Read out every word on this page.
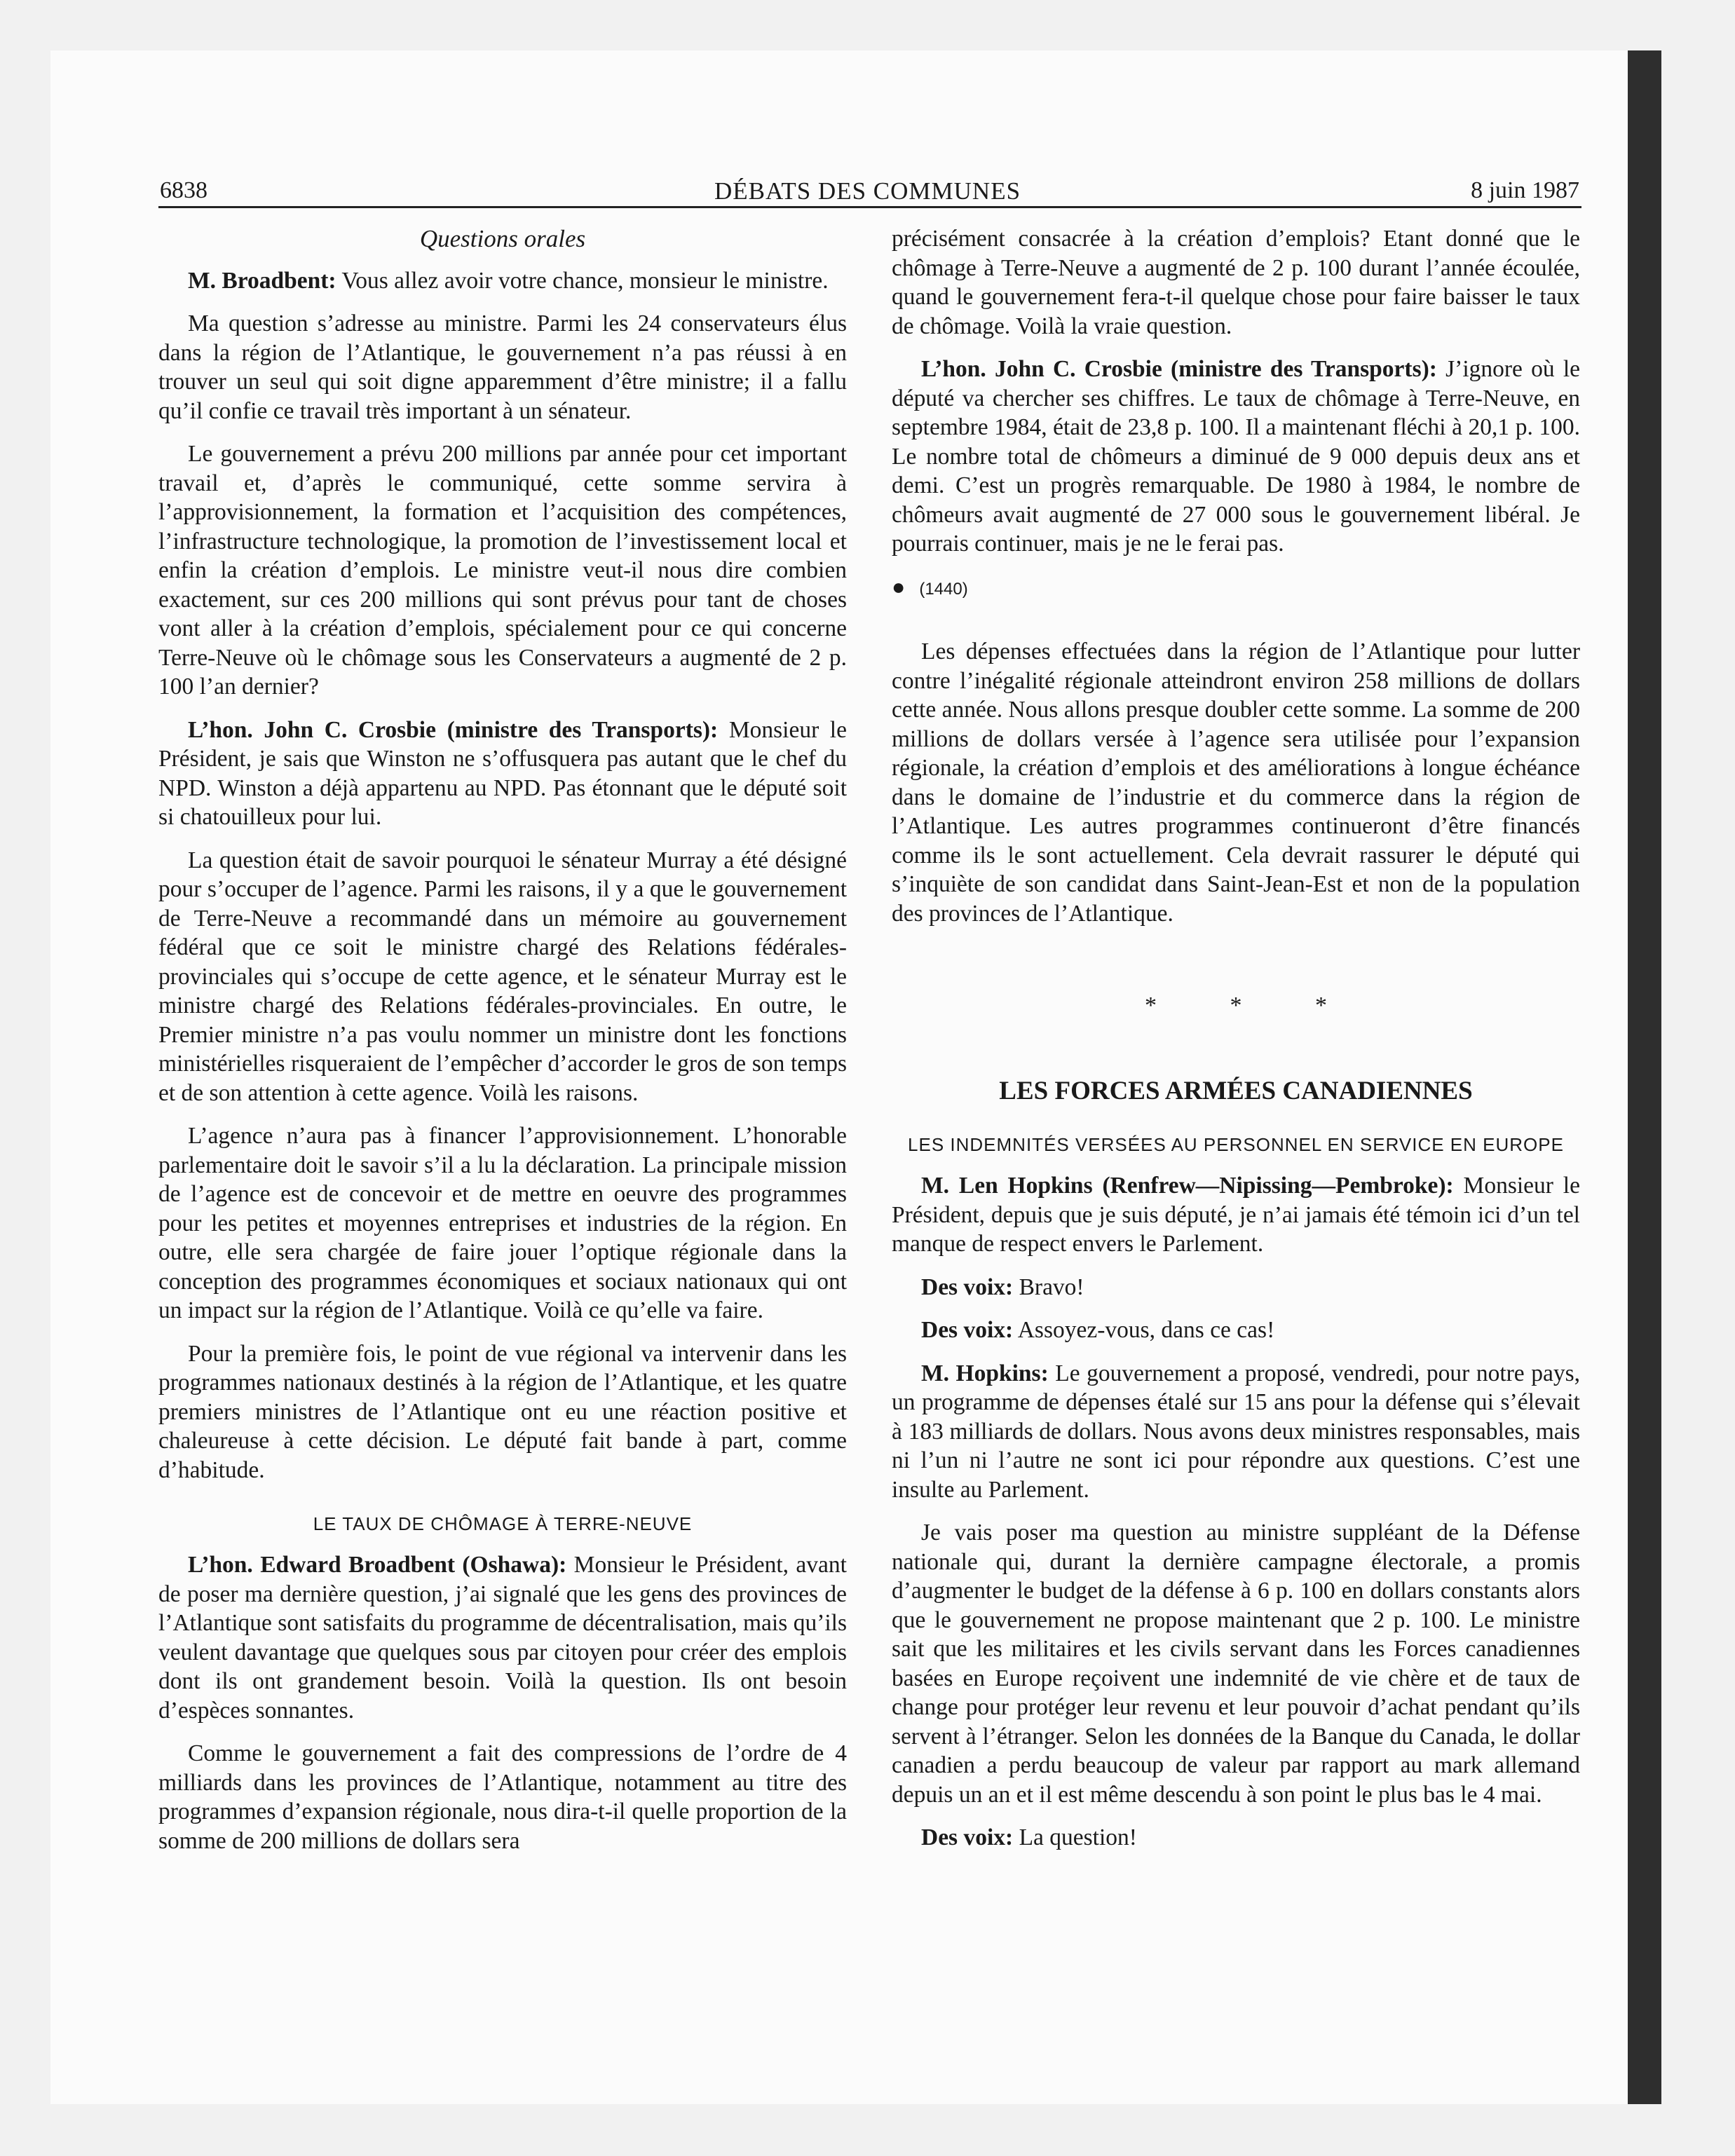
6838	DÉBATS DES COMMUNES	8 juin 1987
Questions orales

M. Broadbent: Vous allez avoir votre chance, monsieur le ministre.

Ma question s’adresse au ministre. Parmi les 24 conservateurs élus dans la région de l’Atlantique, le gouvernement n’a pas réussi à en trouver un seul qui soit digne apparemment d’être ministre; il a fallu qu’il confie ce travail très important à un sénateur.

Le gouvernement a prévu 200 millions par année pour cet important travail et, d’après le communiqué, cette somme servira à l’approvisionnement, la formation et l’acquisition des compétences, l’infrastructure technologique, la promotion de l’investissement local et enfin la création d’emplois. Le ministre veut-il nous dire combien exactement, sur ces 200 millions qui sont prévus pour tant de choses vont aller à la création d’emplois, spécialement pour ce qui concerne Terre-Neuve où le chômage sous les Conservateurs a augmenté de 2 p. 100 l’an dernier?

L’hon. John C. Crosbie (ministre des Transports): Monsieur le Président, je sais que Winston ne s’offusquera pas autant que le chef du NPD. Winston a déjà appartenu au NPD. Pas étonnant que le député soit si chatouilleux pour lui.

La question était de savoir pourquoi le sénateur Murray a été désigné pour s’occuper de l’agence. Parmi les raisons, il y a que le gouvernement de Terre-Neuve a recommandé dans un mémoire au gouvernement fédéral que ce soit le ministre chargé des Relations fédérales-provinciales qui s’occupe de cette agence, et le sénateur Murray est le ministre chargé des Relations fédérales-provinciales. En outre, le Premier ministre n’a pas voulu nommer un ministre dont les fonctions ministérielles risqueraient de l’empêcher d’accorder le gros de son temps et de son attention à cette agence. Voilà les raisons.

L’agence n’aura pas à financer l’approvisionnement. L’honorable parlementaire doit le savoir s’il a lu la déclaration. La principale mission de l’agence est de concevoir et de mettre en oeuvre des programmes pour les petites et moyennes entreprises et industries de la région. En outre, elle sera chargée de faire jouer l’optique régionale dans la conception des programmes économiques et sociaux nationaux qui ont un impact sur la région de l’Atlantique. Voilà ce qu’elle va faire.

Pour la première fois, le point de vue régional va intervenir dans les programmes nationaux destinés à la région de l’Atlantique, et les quatre premiers ministres de l’Atlantique ont eu une réaction positive et chaleureuse à cette décision. Le député fait bande à part, comme d’habitude.

LE TAUX DE CHÔMAGE À TERRE-NEUVE

L’hon. Edward Broadbent (Oshawa): Monsieur le Président, avant de poser ma dernière question, j’ai signalé que les gens des provinces de l’Atlantique sont satisfaits du programme de décentralisation, mais qu’ils veulent davantage que quelques sous par citoyen pour créer des emplois dont ils ont grandement besoin. Voilà la question. Ils ont besoin d’espèces sonnantes.

Comme le gouvernement a fait des compressions de l’ordre de 4 milliards dans les provinces de l’Atlantique, notamment au titre des programmes d’expansion régionale, nous dira-t-il quelle proportion de la somme de 200 millions de dollars sera

précisément consacrée à la création d’emplois? Etant donné que le chômage à Terre-Neuve a augmenté de 2 p. 100 durant l’année écoulée, quand le gouvernement fera-t-il quelque chose pour faire baisser le taux de chômage. Voilà la vraie question.

L’hon. John C. Crosbie (ministre des Transports): J’ignore où le député va chercher ses chiffres. Le taux de chômage à Terre-Neuve, en septembre 1984, était de 23,8 p. 100. Il a maintenant fléchi à 20,1 p. 100. Le nombre total de chômeurs a diminué de 9 000 depuis deux ans et demi. C’est un progrès remarquable. De 1980 à 1984, le nombre de chômeurs avait augmenté de 27 000 sous le gouvernement libéral. Je pourrais continuer, mais je ne le ferai pas.

● (1440)

Les dépenses effectuées dans la région de l’Atlantique pour lutter contre l’inégalité régionale atteindront environ 258 millions de dollars cette année. Nous allons presque doubler cette somme. La somme de 200 millions de dollars versée à l’agence sera utilisée pour l’expansion régionale, la création d’emplois et des améliorations à longue échéance dans le domaine de l’industrie et du commerce dans la région de l’Atlantique. Les autres programmes continueront d’être financés comme ils le sont actuellement. Cela devrait rassurer le député qui s’inquiète de son candidat dans Saint-Jean-Est et non de la population des provinces de l’Atlantique.

* * *
LES FORCES ARMÉES CANADIENNES
LES INDEMNITÉS VERSÉES AU PERSONNEL EN SERVICE EN EUROPE

M. Len Hopkins (Renfrew—Nipissing—Pembroke): Monsieur le Président, depuis que je suis député, je n’ai jamais été témoin ici d’un tel manque de respect envers le Parlement.

Des voix: Bravo!

Des voix: Assoyez-vous, dans ce cas!

M. Hopkins: Le gouvernement a proposé, vendredi, pour notre pays, un programme de dépenses étalé sur 15 ans pour la défense qui s’élevait à 183 milliards de dollars. Nous avons deux ministres responsables, mais ni l’un ni l’autre ne sont ici pour répondre aux questions. C’est une insulte au Parlement.

Je vais poser ma question au ministre suppléant de la Défense nationale qui, durant la dernière campagne électorale, a promis d’augmenter le budget de la défense à 6 p. 100 en dollars constants alors que le gouvernement ne propose maintenant que 2 p. 100. Le ministre sait que les militaires et les civils servant dans les Forces canadiennes basées en Europe reçoivent une indemnité de vie chère et de taux de change pour protéger leur revenu et leur pouvoir d’achat pendant qu’ils servent à l’étranger. Selon les données de la Banque du Canada, le dollar canadien a perdu beaucoup de valeur par rapport au mark allemand depuis un an et il est même descendu à son point le plus bas le 4 mai.

Des voix: La question!
